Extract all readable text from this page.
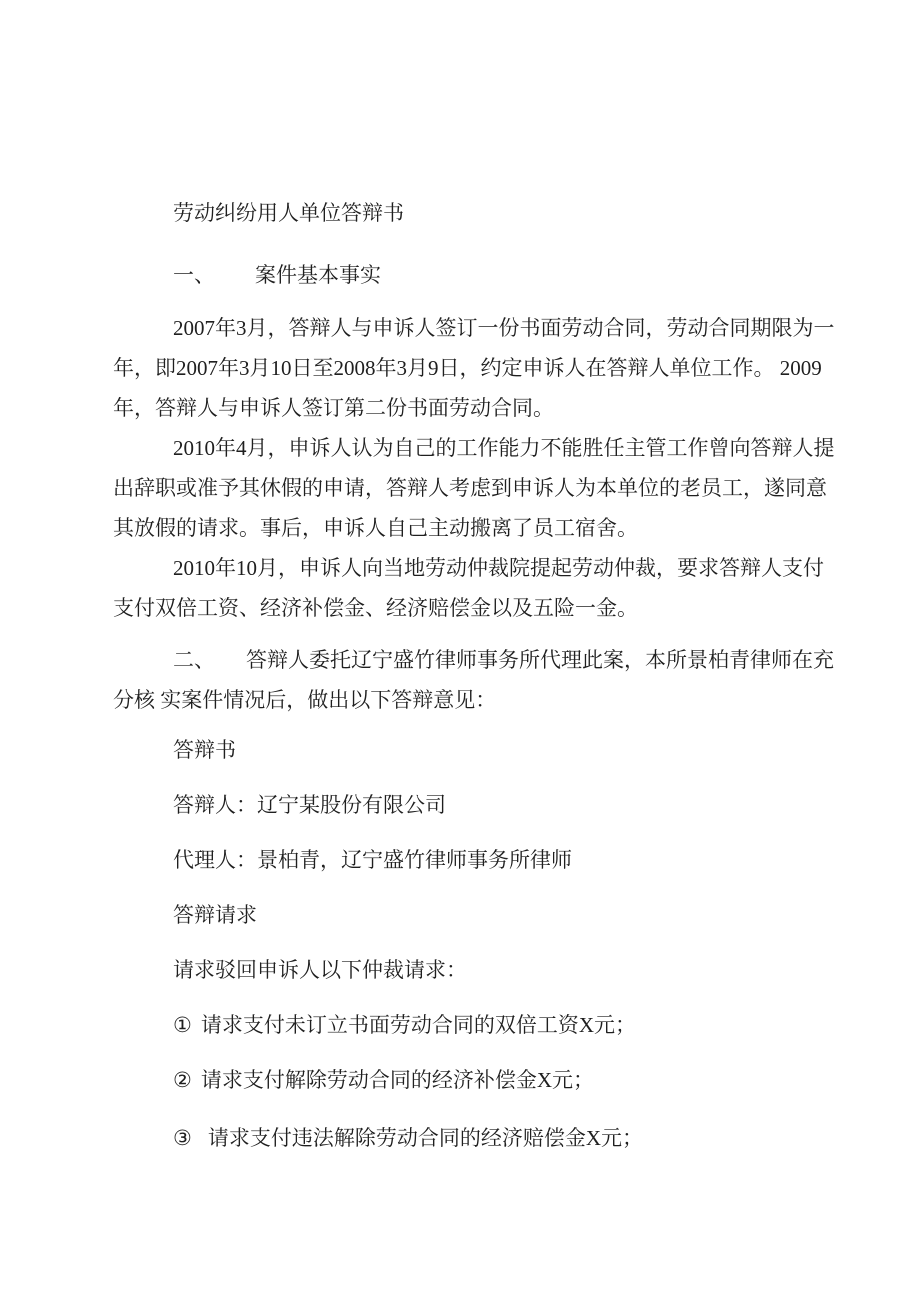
劳动纠纷用人单位答辩书
一、 案件基本事实
2007年3月，答辩人与申诉人签订一份书面劳动合同，劳动合同期限为一
年，即2007年3月10日至2008年3月9日，约定申诉人在答辩人单位工作。 2009
年，答辩人与申诉人签订第二份书面劳动合同。
2010年4月，申诉人认为自己的工作能力不能胜任主管工作曾向答辩人提
出辞职或准予其休假的申请，答辩人考虑到申诉人为本单位的老员工，遂同意
其放假的请求。事后，申诉人自己主动搬离了员工宿舍。
2010年10月，申诉人向当地劳动仲裁院提起劳动仲裁，要求答辩人支付
支付双倍工资、经济补偿金、经济赔偿金以及五险一金。
二、 答辩人委托辽宁盛竹律师事务所代理此案，本所景柏青律师在充
分核 实案件情况后，做出以下答辩意见：
答辩书
答辩人：辽宁某股份有限公司
代理人：景柏青，辽宁盛竹律师事务所律师
答辩请求
请求驳回申诉人以下仲裁请求：
① 请求支付未订立书面劳动合同的双倍工资X元；
② 请求支付解除劳动合同的经济补偿金X元；
③ 请求支付违法解除劳动合同的经济赔偿金X元；
